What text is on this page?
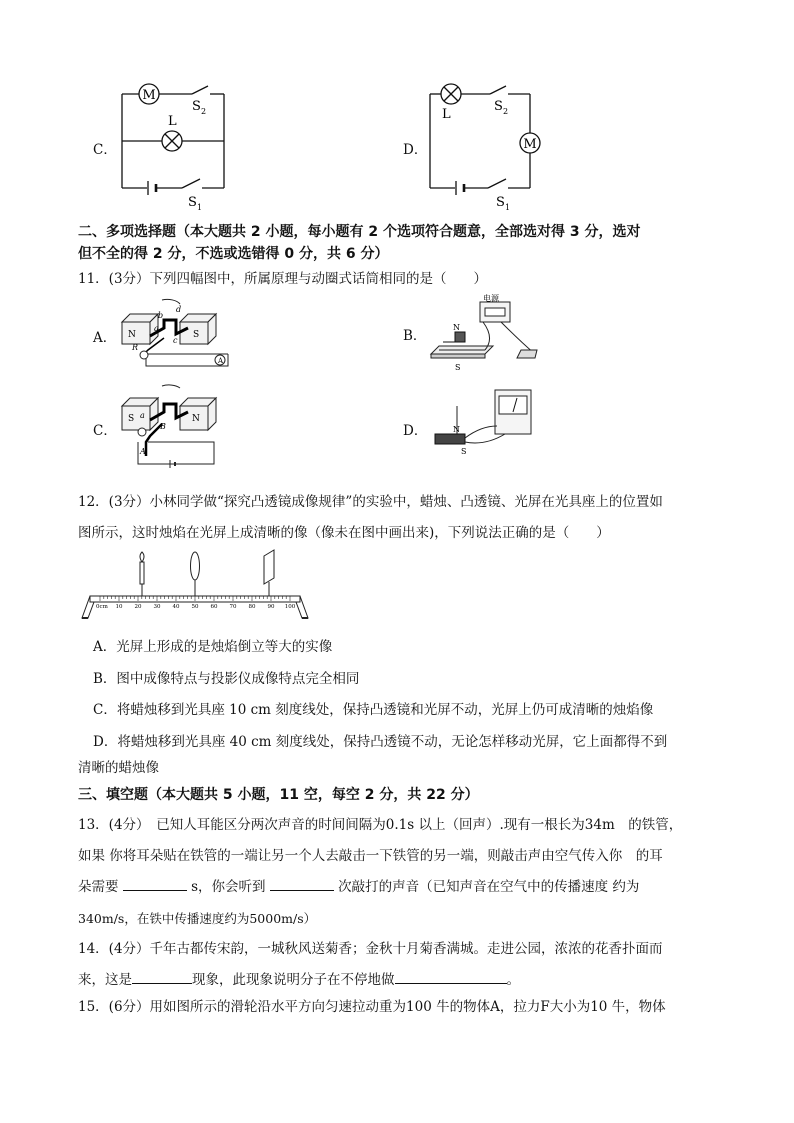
C．
M
L
S 2
S 1
D．	M
L
S 2
S 1
二、多项选择题（本大题共 2 小题，每小题有 2 个选项符合题意，全部选对得 3 分，选对
但不全的得 2 分，不选或选错得 0 分，共 6 分）
11．(3分）下列四幅图中，所属原理与动圈式话筒相同的是（　　）
A． N	S
a
b
c
d
R
A
B．
电源
N
S
C．
S	N
a
B
A
D．	N
S
12．(3分）小林同学做“探究凸透镜成像规律”的实验中，蜡烛、凸透镜、光屏在光具座上的位置如
图所示，这时烛焰在光屏上成清晰的像（像未在图中画出来)，下列说法正确的是（　　）
0cm 10 20 30 40 50 60 70 80 90 100
A．光屏上形成的是烛焰倒立等大的实像
B．图中成像特点与投影仪成像特点完全相同
C．将蜡烛移到光具座 10 cm 刻度线处，保持凸透镜和光屏不动，光屏上仍可成清晰的烛焰像
D．将蜡烛移到光具座 40 cm 刻度线处，保持凸透镜不动，无论怎样移动光屏，它上面都得不到
清晰的蜡烛像
三、填空题（本大题共 5 小题，11 空，每空 2 分，共 22 分）
13．(4分）　已知人耳能区分两次声音的时间间隔为0.1s 以上（回声）.现有一根长为34m　的铁管，
如果 你将耳朵贴在铁管的一端让另一个人去敲击一下铁管的另一端，则敲击声由空气传入你　的耳
朵需要	s，你会听到	次敲打的声音（已知声音在空气中的传播速度 约为
340m/s，在铁中传播速度约为5000m/s）
14．(4分）千年古都传宋韵，一城秋风送菊香；金秋十月菊香满城。走进公园，浓浓的花香扑面而
来，这是	现象，此现象说明分子在不停地做	。
15．(6分）用如图所示的滑轮沿水平方向匀速拉动重为100 牛的物体A，拉力F大小为10 牛，物体
